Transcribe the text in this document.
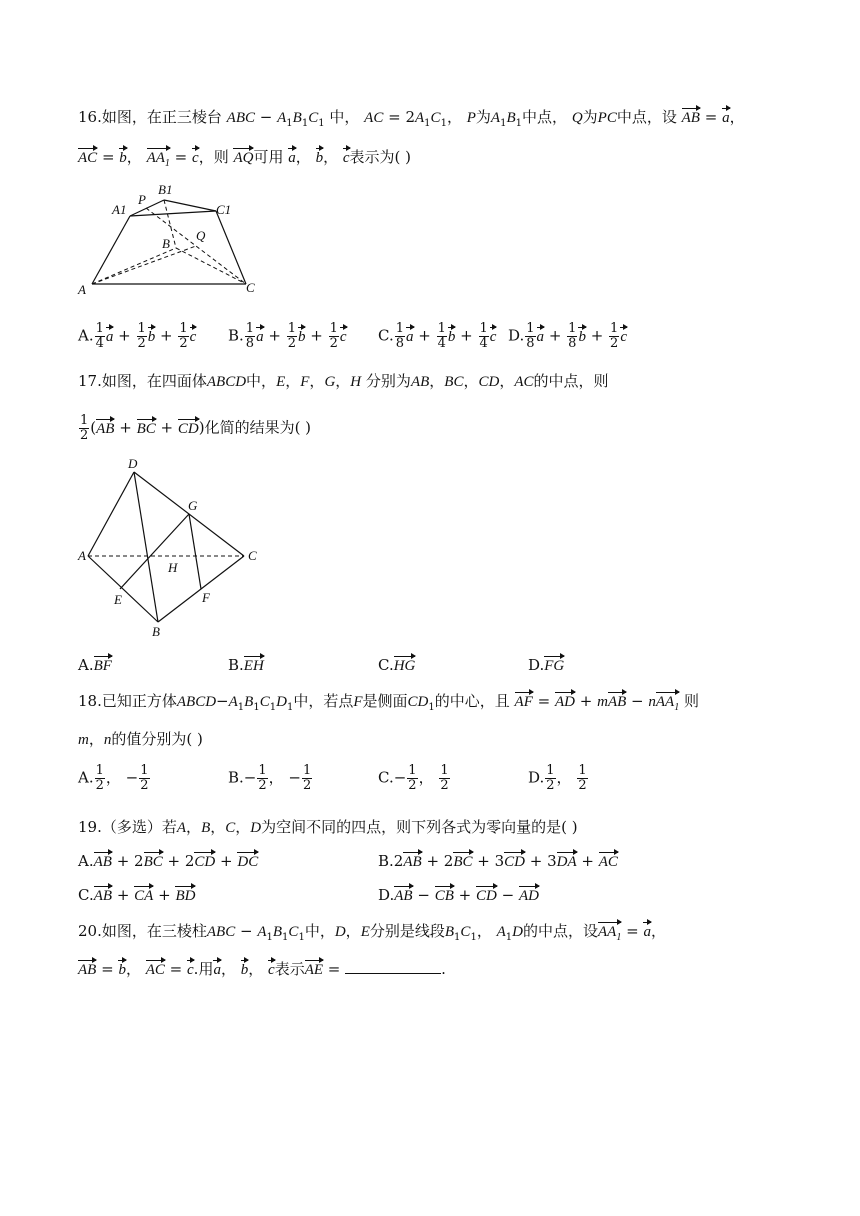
16.如图，在正三棱台 ABC − $A_1B_1C_1$ 中， AC = $2A_1C_1$， P为$A_1B_1$中点， Q为PC中点，设 AB = a，
AC = b， $AA_1 = c$，则 AQ可用 a， b， c表示为( )
A1
P
B1
C1
Q
B
A	C
A. $\frac{1}{4}$ $a + \frac{1}{2}$ $b + \frac{1}{2}$ c B. $\frac{1}{8}$ $a + \frac{1}{2}$ $b + \frac{1}{2}$ c C. $\frac{1}{8}$ $a + \frac{1}{4}$ $b + \frac{1}{4}$ c D. $\frac{1}{8}$ $a + \frac{1}{8}$ $b + \frac{1}{2}$ c
17.如图，在四面体ABCD中，E，F，G，H 分别为AB，BC，CD，AC的中点，则
$\frac{1}{2} (AB$ + BC + CD)化简的结果为( )
D
G
A
H
C
E	F
B
A.BF	B.EH	C.HG	D.FG
18.已知正方体$ABCD-A_1B_1C_1D_1$中，若点F是侧面$CD_1$的中心，且 AF = AD + mAB − nAA$_1$ 则
m，n的值分别为( )
A. $\frac{1}{2}$ ， − $\frac{1}{2}$	$B.- \frac{1}{2}$ ， − $\frac{1}{2}$	$C.- \frac{1}{2}$ ， $\frac{1}{2}$	D. $\frac{1}{2}$ ， $\frac{1}{2}$
19.（多选）若A，B，C，D为空间不同的四点，则下列各式为零向量的是( )
A.AB + 2BC + 2CD + DC	B.2AB + 2BC + 3CD + 3DA + AC
C.AB + CA + BD	D.AB − CB + CD − AD
20.如图，在三棱柱ABC − $A_1B_1C_1$中，D，E分别是线段$B_1C_1$， $A_1D$的中点，设$AA_1 = a$，
AB = b， AC = c.用a， b， c表示AE =	.
